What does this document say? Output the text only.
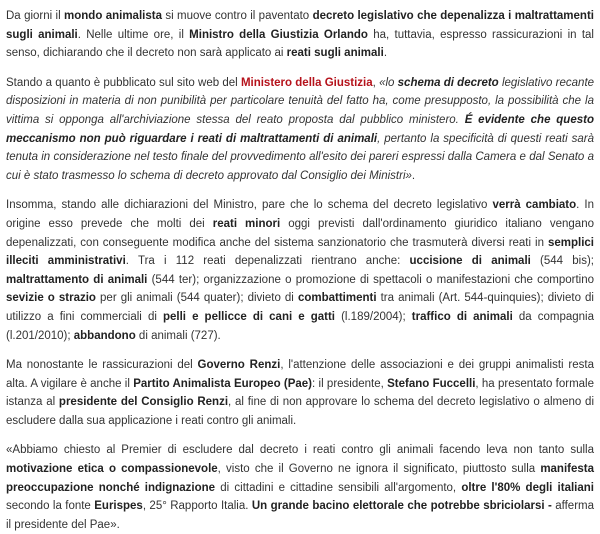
Da giorni il mondo animalista si muove contro il paventato decreto legislativo che depenalizza i maltrattamenti sugli animali. Nelle ultime ore, il Ministro della Giustizia Orlando ha, tuttavia, espresso rassicurazioni in tal senso, dichiarando che il decreto non sarà applicato ai reati sugli animali.

Stando a quanto è pubblicato sul sito web del Ministero della Giustizia, «lo schema di decreto legislativo recante disposizioni in materia di non punibilità per particolare tenuità del fatto ha, come presupposto, la possibilità che la vittima si opponga all'archiviazione stessa del reato proposta dal pubblico ministero. É evidente che questo meccanismo non può riguardare i reati di maltrattamenti di animali, pertanto la specificità di questi reati sarà tenuta in considerazione nel testo finale del provvedimento all'esito dei pareri espressi dalla Camera e dal Senato a cui è stato trasmesso lo schema di decreto approvato dal Consiglio dei Ministri».

Insomma, stando alle dichiarazioni del Ministro, pare che lo schema del decreto legislativo verrà cambiato. In origine esso prevede che molti dei reati minori oggi previsti dall'ordinamento giuridico italiano vengano depenalizzati, con conseguente modifica anche del sistema sanzionatorio che trasmuterà diversi reati in semplici illeciti amministrativi. Tra i 112 reati depenalizzati rientrano anche: uccisione di animali (544 bis); maltrattamento di animali (544 ter); organizzazione o promozione di spettacoli o manifestazioni che comportino sevizie o strazio per gli animali (544 quater); divieto di combattimenti tra animali (Art. 544-quinquies); divieto di utilizzo a fini commerciali di pelli e pellicce di cani e gatti (l.189/2004); traffico di animali da compagnia (l.201/2010); abbandono di animali (727).

Ma nonostante le rassicurazioni del Governo Renzi, l'attenzione delle associazioni e dei gruppi animalisti resta alta. A vigilare è anche il Partito Animalista Europeo (Pae): il presidente, Stefano Fuccelli, ha presentato formale istanza al presidente del Consiglio Renzi, al fine di non approvare lo schema del decreto legislativo o almeno di escludere dalla sua applicazione i reati contro gli animali.

«Abbiamo chiesto al Premier di escludere dal decreto i reati contro gli animali facendo leva non tanto sulla motivazione etica o compassionevole, visto che il Governo ne ignora il significato, piuttosto sulla manifesta preoccupazione nonché indignazione di cittadini e cittadine sensibili all'argomento, oltre l'80% degli italiani secondo la fonte Eurispes, 25° Rapporto Italia. Un grande bacino elettorale che potrebbe sbriciolarsi - afferma il presidente del Pae».
